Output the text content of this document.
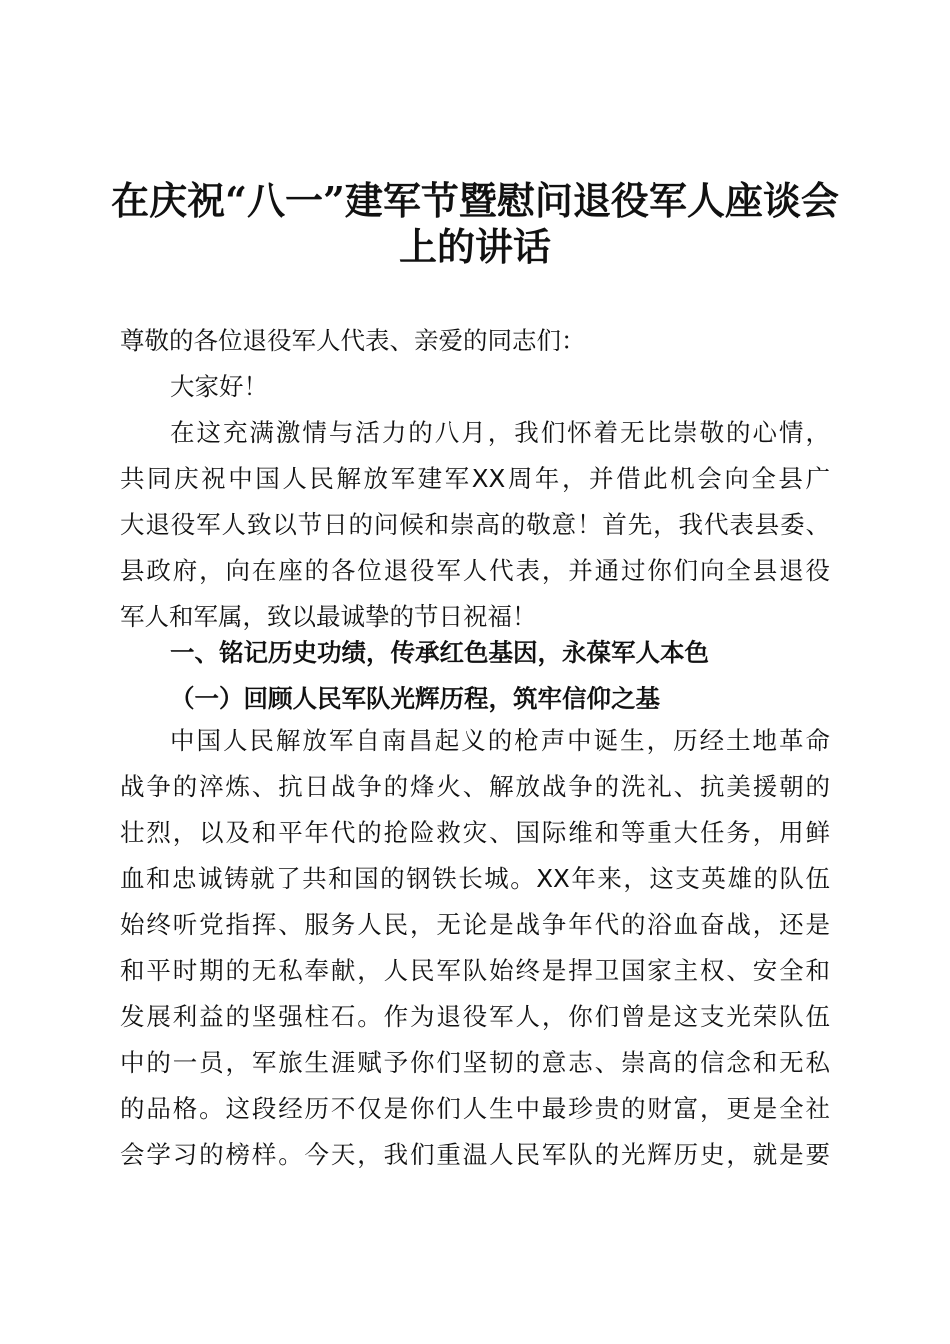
在庆祝“八一”建军节暨慰问退役军人座谈会
上的讲话
尊敬的各位退役军人代表、亲爱的同志们：
大家好！
在这充满激情与活力的八月，我们怀着无比崇敬的心情，
共同庆祝中国人民解放军建军XX周年，并借此机会向全县广
大退役军人致以节日的问候和崇高的敬意！首先，我代表县委、
县政府，向在座的各位退役军人代表，并通过你们向全县退役
军人和军属，致以最诚挚的节日祝福！
一、铭记历史功绩，传承红色基因，永葆军人本色
（一）回顾人民军队光辉历程，筑牢信仰之基
中国人民解放军自南昌起义的枪声中诞生，历经土地革命
战争的淬炼、抗日战争的烽火、解放战争的洗礼、抗美援朝的
壮烈，以及和平年代的抢险救灾、国际维和等重大任务，用鲜
血和忠诚铸就了共和国的钢铁长城。XX年来，这支英雄的队伍
始终听党指挥、服务人民，无论是战争年代的浴血奋战，还是
和平时期的无私奉献，人民军队始终是捍卫国家主权、安全和
发展利益的坚强柱石。作为退役军人，你们曾是这支光荣队伍
中的一员，军旅生涯赋予你们坚韧的意志、崇高的信念和无私
的品格。这段经历不仅是你们人生中最珍贵的财富，更是全社
会学习的榜样。今天，我们重温人民军队的光辉历史，就是要
